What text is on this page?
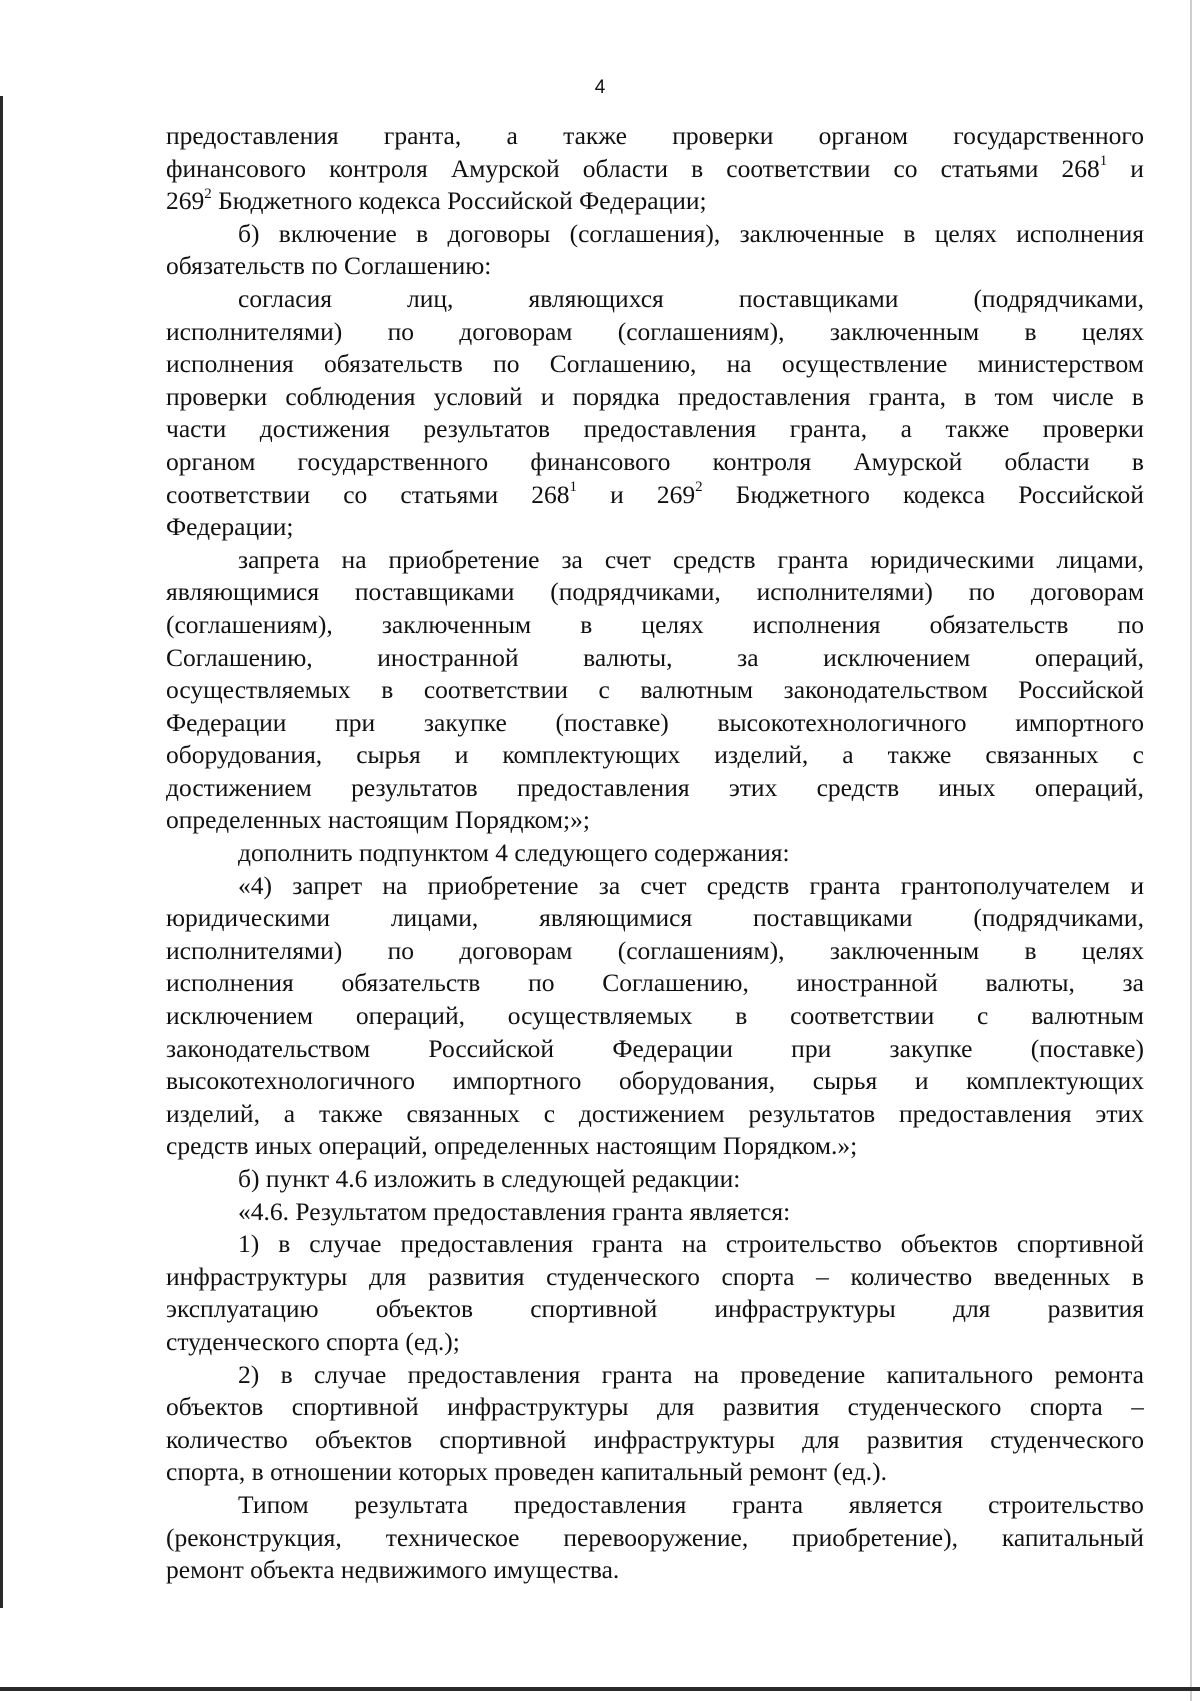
4
предоставления гранта, а также проверки органом государственного
финансового контроля Амурской области в соответствии со статьями $268^1$ и
$269^2$ Бюджетного кодекса Российской Федерации;
б) включение в договоры (соглашения), заключенные в целях исполнения
обязательств по Соглашению:
согласия	лиц,	являющихся	поставщиками	(подрядчиками,
исполнителями) по договорам (соглашениям), заключенным в целях
исполнения обязательств по Соглашению, на осуществление министерством
проверки соблюдения условий и порядка предоставления гранта, в том числе в
части достижения результатов предоставления гранта, а также проверки
органом государственного финансового контроля Амурской области в
соответствии со статьями $268^1$ и $269^2$ Бюджетного кодекса Российской
Федерации;
запрета на приобретение за счет средств гранта юридическими лицами,
являющимися поставщиками (подрядчиками, исполнителями) по договорам
(соглашениям), заключенным в целях исполнения обязательств по
Соглашению,	иностранной	валюты,	за	исключением	операций,
осуществляемых в соответствии с валютным законодательством Российской
Федерации при закупке (поставке) высокотехнологичного импортного
оборудования, сырья и комплектующих изделий, а также связанных с
достижением результатов предоставления этих средств иных операций,
определенных настоящим Порядком;»;
дополнить подпунктом 4 следующего содержания:
«4) запрет на приобретение за счет средств гранта грантополучателем и
юридическими лицами, являющимися поставщиками (подрядчиками,
исполнителями) по договорам (соглашениям), заключенным в целях
исполнения обязательств по Соглашению, иностранной валюты, за
исключением операций, осуществляемых в соответствии с валютным
законодательством Российской Федерации при закупке (поставке)
высокотехнологичного импортного оборудования, сырья и комплектующих
изделий, а также связанных с достижением результатов предоставления этих
средств иных операций, определенных настоящим Порядком.»;
б) пункт 4.6 изложить в следующей редакции:
«4.6. Результатом предоставления гранта является:
1) в случае предоставления гранта на строительство объектов спортивной
инфраструктуры для развития студенческого спорта – количество введенных в
эксплуатацию объектов спортивной инфраструктуры для развития
студенческого спорта (ед.);
2) в случае предоставления гранта на проведение капитального ремонта
объектов спортивной инфраструктуры для развития студенческого спорта –
количество объектов спортивной инфраструктуры для развития студенческого
спорта, в отношении которых проведен капитальный ремонт (ед.).
Типом результата предоставления гранта является строительство
(реконструкция, техническое перевооружение, приобретение), капитальный
ремонт объекта недвижимого имущества.
